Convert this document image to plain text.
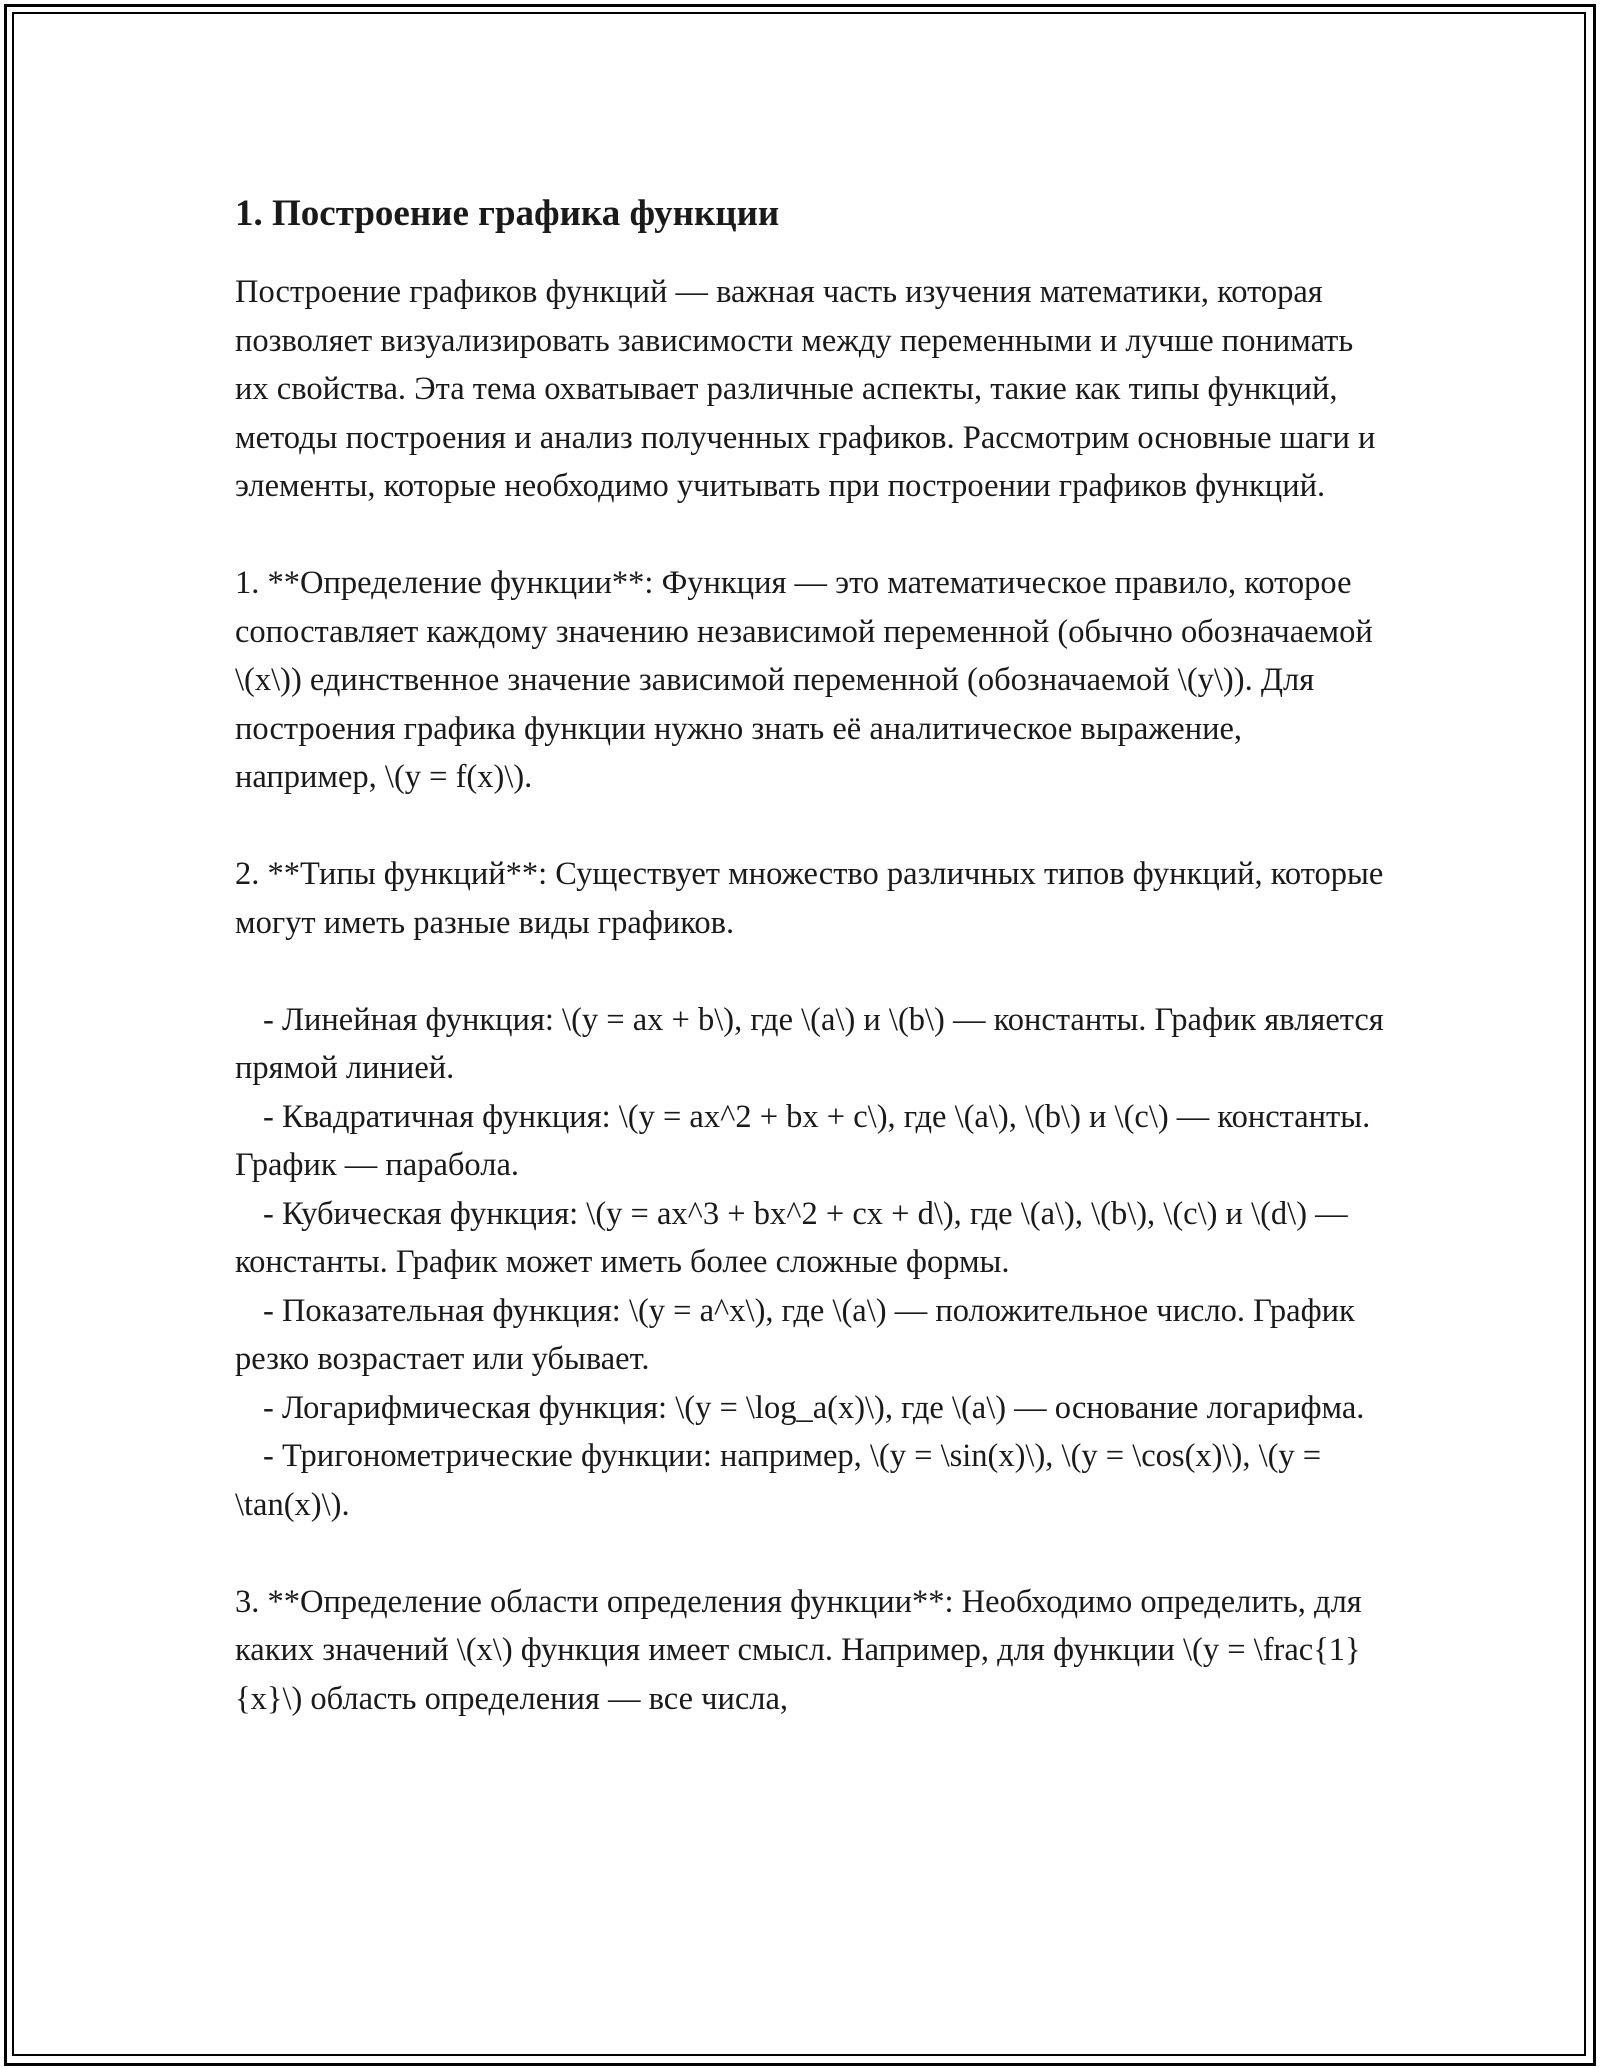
1. Построение графика функции

Построение графиков функций — важная часть изучения математики, которая позволяет визуализировать зависимости между переменными и лучше понимать их свойства. Эта тема охватывает различные аспекты, такие как типы функций, методы построения и анализ полученных графиков. Рассмотрим основные шаги и элементы, которые необходимо учитывать при построении графиков функций.

1. **Определение функции**: Функция — это математическое правило, которое сопоставляет каждому значению независимой переменной (обычно обозначаемой \(x\)) единственное значение зависимой переменной (обозначаемой \(y\)). Для построения графика функции нужно знать её аналитическое выражение, например, \(y = f(x)\).

2. **Типы функций**: Существует множество различных типов функций, которые могут иметь разные виды графиков.

- Линейная функция: \(y = ax + b\), где \(a\) и \(b\) — константы. График является прямой линией.

- Квадратичная функция: \(y = ax^2 + bx + c\), где \(a\), \(b\) и \(c\) — константы. График — парабола.

- Кубическая функция: \(y = ax^3 + bx^2 + cx + d\), где \(a\), \(b\), \(c\) и \(d\) — константы. График может иметь более сложные формы.

- Показательная функция: \(y = a^x\), где \(a\) — положительное число. График резко возрастает или убывает.

- Логарифмическая функция: \(y = \log_a(x)\), где \(a\) — основание логарифма.

- Тригонометрические функции: например, \(y = \sin(x)\), \(y = \cos(x)\), \(y = \tan(x)\).

3. **Определение области определения функции**: Необходимо определить, для каких значений \(x\) функция имеет смысл. Например, для функции \(y = \frac{1}{x}\) область определения — все числа,
